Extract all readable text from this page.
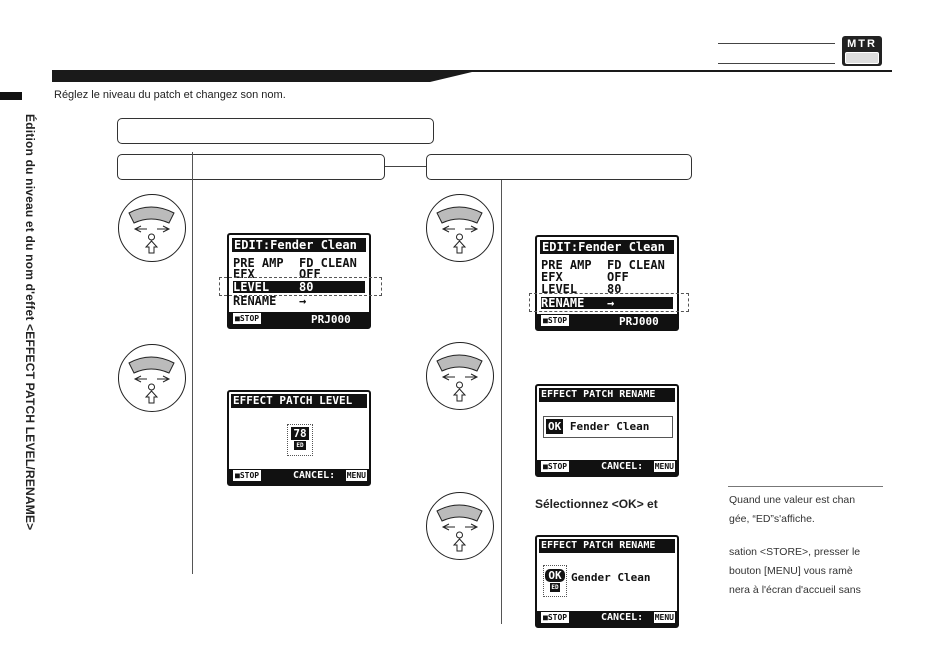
MTR
Édition du niveau et du nom d'effet <EFFECT PATCH LEVEL/RENAME>
Réglez le niveau du patch et changez son nom.
EDIT:Fender Clean
PRE AMP FD CLEAN
EFX	OFF
LEVEL 80
RENAME →
■STOP	PRJ000
EFFECT PATCH LEVEL
78
ED
■STOP	CANCEL: MENU
EDIT:Fender Clean
PRE AMP FD CLEAN
EFX	OFF
LEVEL 80
RENAME →
■STOP	PRJ000
EFFECT PATCH RENAME
OK Fender Clean
■STOP	CANCEL: MENU
Sélectionnez <OK> et
EFFECT PATCH RENAME
OK
ED
Gender Clean
■STOP	CANCEL: MENU
Quand une valeur est chan
gée, “ED”s'affiche.
sation <STORE>, presser le
bouton [MENU] vous ramè
nera à l'écran d'accueil sans
